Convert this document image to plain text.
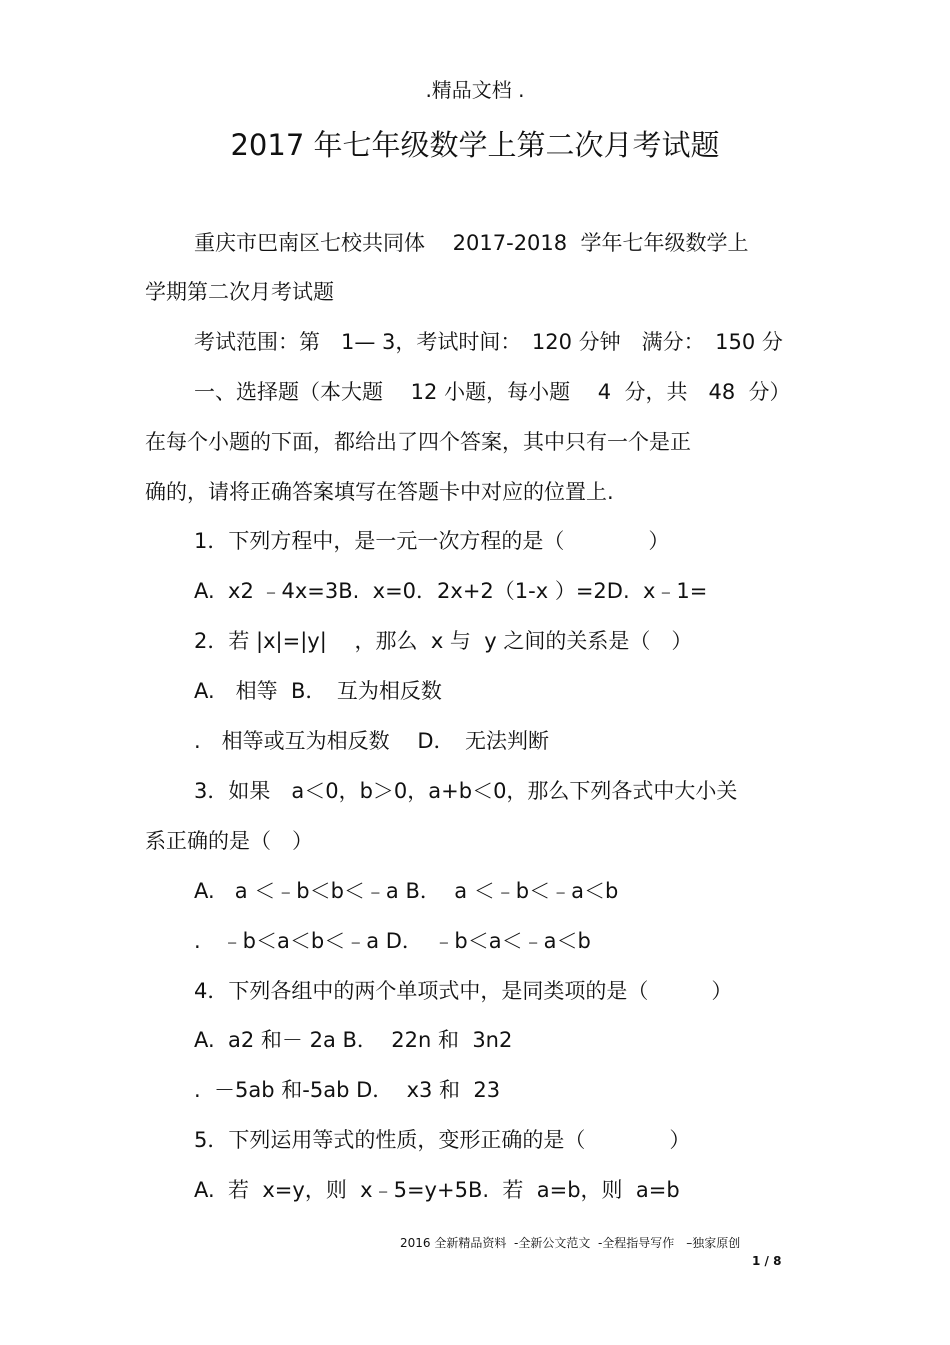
.精品文档 .
2017 年七年级数学上第二次月考试题
重庆市巴南区七校共同体　 2017-2018  学年七年级数学上
学期第二次月考试题
考试范围：第　1— 3，考试时间：　120 分钟　满分：　150 分
一、选择题（本大题　 12 小题，每小题　 4  分，共　48  分）
在每个小题的下面，都给出了四个答案，其中只有一个是正
确的，请将正确答案填写在答题卡中对应的位置上.
1．下列方程中，是一元一次方程的是（　　　　）
A.  x2 ﹣4x=3B.  x=0．2x+2（1-x ）=2D.  x﹣1=
2．若 |x|=|y|　 ，那么  x 与  y 之间的关系是（　）
A.　相等  B．　互为相反数
.　相等或互为相反数　 D．　无法判断
3．如果　a＜0，b＞0，a+b＜0，那么下列各式中大小关
系正确的是（　）
A.   a ＜﹣b＜b＜﹣a B．  a ＜﹣b＜﹣a＜b
.　﹣b＜a＜b＜﹣a D．　﹣b＜a＜﹣a＜b
4．下列各组中的两个单项式中，是同类项的是（　　　）
A.  a2 和－ 2a B．  22n 和  3n2
.  －5ab 和-5ab D．  x3 和  23
5．下列运用等式的性质，变形正确的是（　　　　）
A.  若  x=y，则  x﹣5=y+5B.  若  a=b，则  a=b
2016 全新精品资料  -全新公文范文  -全程指导写作　–独家原创
1 / 8
